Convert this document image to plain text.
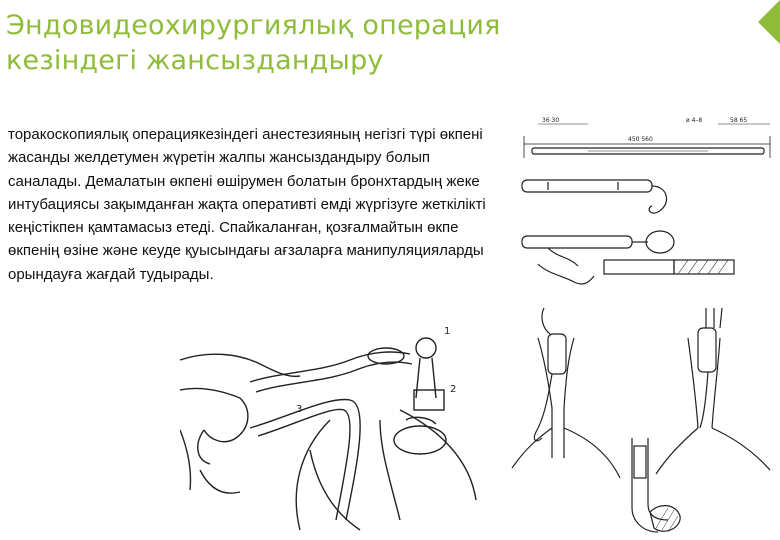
Эндовидеохирургиялық операция
кезіндегі жансыздандыру
торакоскопиялық операциякезіндегі анестезияның негізгі түрі өкпені жасанды желдетумен жүретін жалпы жансыздандыру болып саналады. Демалатын өкпені өшірумен болатын бронхтардың жеке интубациясы зақымданған жақта оперативті емді жүргізуге жеткілікті кеңістікпен қамтамасыз етеді. Спайкаланған, қозғалмайтын өкпе өкпенің өзіне және кеуде қуысындағы ағзаларға манипуляцияларды орындауға жағдай тудырады.
36 30	ø 4–8	58 65
450 560
1
2
3
